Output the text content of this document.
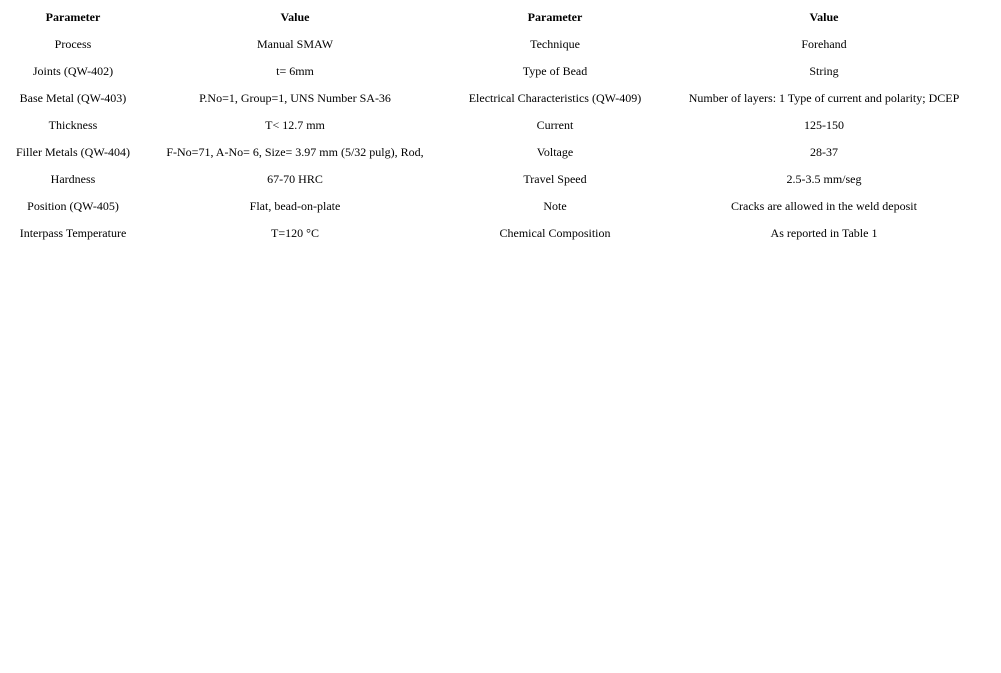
Parameter	Value	Parameter	Value
Process	Manual SMAW	Technique	Forehand
Joints (QW-402)	t= 6mm	Type of Bead	String
Base Metal (QW-403)	P.No=1, Group=1, UNS Number SA-36	Electrical Characteristics (QW-409)	Number of layers: 1 Type of current and polarity; DCEP
Thickness	T< 12.7 mm	Current	125-150
Filler Metals (QW-404)	F-No=71, A-No= 6, Size= 3.97 mm (5/32 pulg), Rod,	Voltage	28-37
Hardness	67-70 HRC	Travel Speed	2.5-3.5 mm/seg
Position (QW-405)	Flat, bead-on-plate	Note	Cracks are allowed in the weld deposit
Interpass Temperature	T=120 °C	Chemical Composition	As reported in Table 1
